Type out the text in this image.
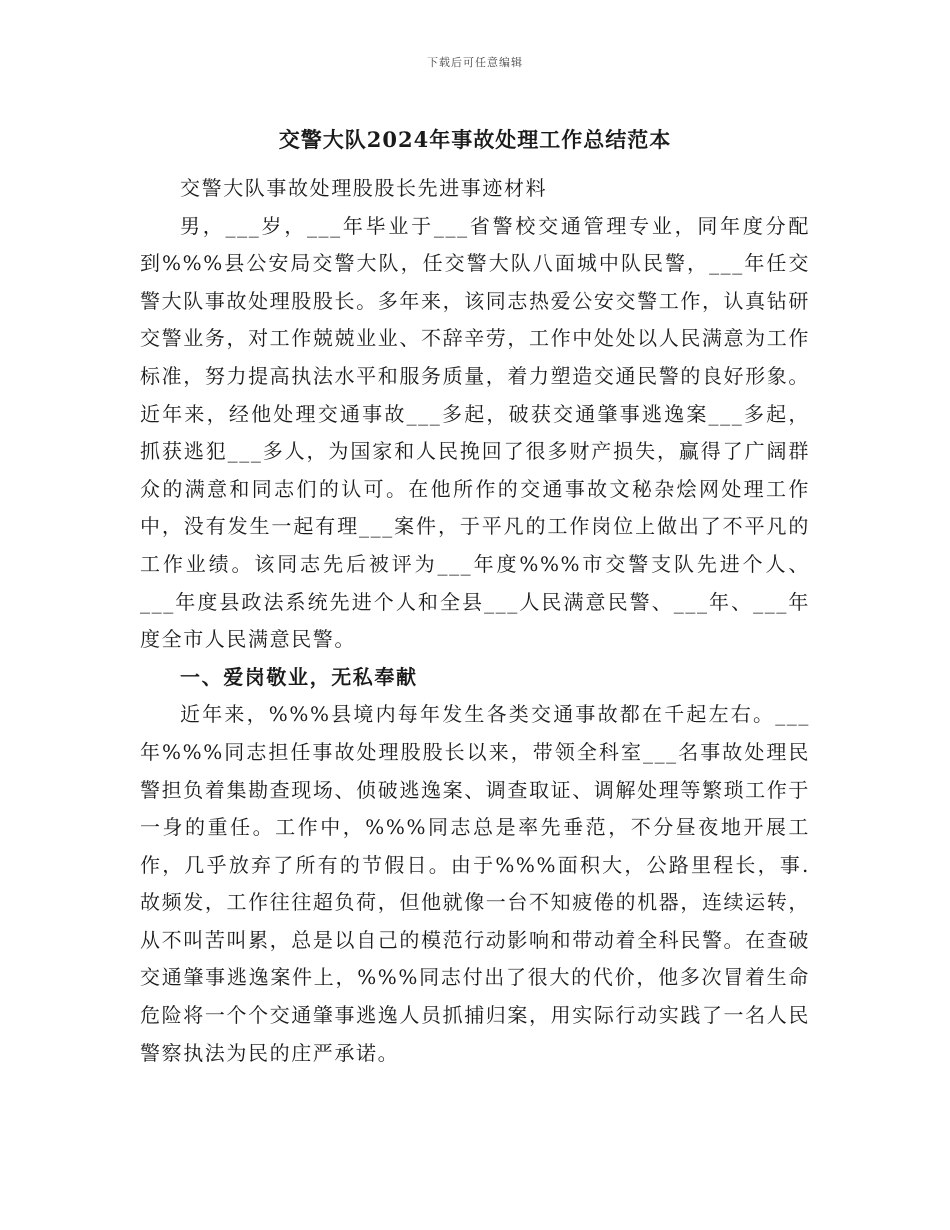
下载后可任意编辑
交警大队2024年事故处理工作总结范本

交警大队事故处理股股长先进事迹材料

男，___岁，___年毕业于___省警校交通管理专业，同年度分配到%%%县公安局交警大队，任交警大队八面城中队民警，___年任交警大队事故处理股股长。多年来，该同志热爱公安交警工作，认真钻研交警业务，对工作兢兢业业、不辞辛劳，工作中处处以人民满意为工作标准，努力提高执法水平和服务质量，着力塑造交通民警的良好形象。近年来，经他处理交通事故___多起，破获交通肇事逃逸案___多起，抓获逃犯___多人，为国家和人民挽回了很多财产损失，赢得了广阔群众的满意和同志们的认可。在他所作的交通事故文秘杂烩网处理工作中，没有发生一起有理___案件，于平凡的工作岗位上做出了不平凡的工作业绩。该同志先后被评为___年度%%%市交警支队先进个人、___年度县政法系统先进个人和全县___人民满意民警、___年、___年度全市人民满意民警。

一、爱岗敬业，无私奉献

近年来，%%%县境内每年发生各类交通事故都在千起左右。___年%%%同志担任事故处理股股长以来，带领全科室___名事故处理民警担负着集勘查现场、侦破逃逸案、调查取证、调解处理等繁琐工作于一身的重任。工作中，%%%同志总是率先垂范，不分昼夜地开展工作，几乎放弃了所有的节假日。由于%%%面积大，公路里程长，事.故频发，工作往往超负荷，但他就像一台不知疲倦的机器，连续运转，从不叫苦叫累，总是以自己的模范行动影响和带动着全科民警。在查破交通肇事逃逸案件上，%%%同志付出了很大的代价，他多次冒着生命危险将一个个交通肇事逃逸人员抓捕归案，用实际行动实践了一名人民警察执法为民的庄严承诺。
